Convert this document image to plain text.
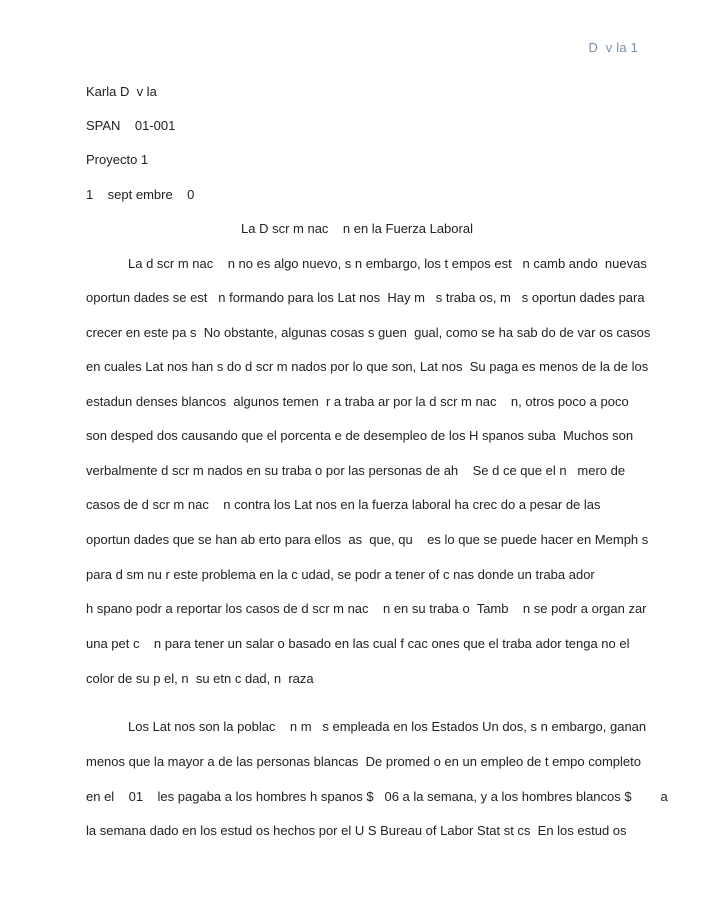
D  v la 1
Karla D  v la
SPAN    01-001
Proyecto 1
1    sept embre    0
La D scr m nac    n en la Fuerza Laboral
La d scr m nac    n no es algo nuevo, s n embargo, los t empos est   n camb ando  nuevas
oportun dades se est   n formando para los Lat nos  Hay m   s traba os, m   s oportun dades para
crecer en este pa s  No obstante, algunas cosas s guen  gual, como se ha sab do de var os casos
en cuales Lat nos han s do d scr m nados por lo que son, Lat nos  Su paga es menos de la de los
estadun denses blancos  algunos temen  r a traba ar por la d scr m nac    n, otros poco a poco
son desped dos causando que el porcenta e de desempleo de los H spanos suba  Muchos son
verbalmente d scr m nados en su traba o por las personas de ah    Se d ce que el n   mero de
casos de d scr m nac    n contra los Lat nos en la fuerza laboral ha crec do a pesar de las
oportun dades que se han ab erto para ellos  as  que, qu    es lo que se puede hacer en Memph s
para d sm nu r este problema en la c udad, se podr a tener of c nas donde un traba ador
h spano podr a reportar los casos de d scr m nac    n en su traba o  Tamb    n se podr a organ zar
una pet c    n para tener un salar o basado en las cual f cac ones que el traba ador tenga no el
color de su p el, n  su etn c dad, n  raza
Los Lat nos son la poblac    n m   s empleada en los Estados Un dos, s n embargo, ganan
menos que la mayor a de las personas blancas  De promed o en un empleo de t empo completo
en el    01    les pagaba a los hombres h spanos $   06 a la semana, y a los hombres blancos $        a
la semana dado en los estud os hechos por el U S Bureau of Labor Stat st cs  En los estud os
